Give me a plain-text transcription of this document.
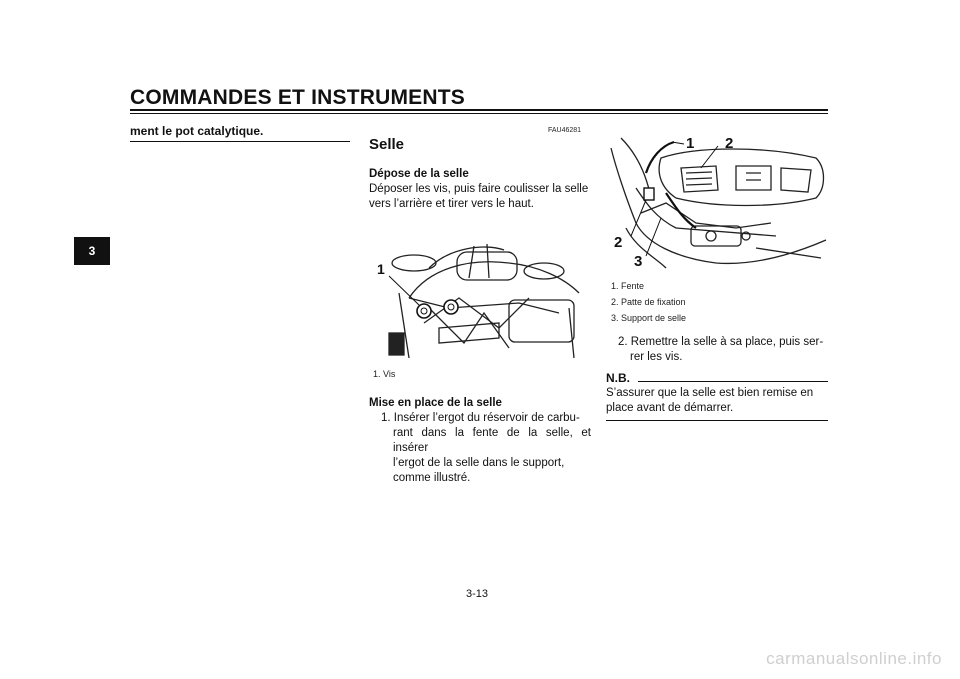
COMMANDES ET INSTRUMENTS
3
ment le pot catalytique.	FAU46281
Selle
Dépose de la selle
Déposer les vis, puis faire coulisser la selle
vers l’arrière et tirer vers le haut.
1
1. Vis
Mise en place de la selle
1. Insérer l’ergot du réservoir de carbu-
rant dans la fente de la selle, et insérer
l’ergot de la selle dans le support,
comme illustré.
1 2
2
3
1. Fente
2. Patte de fixation
3. Support de selle
2. Remettre la selle à sa place, puis ser-
rer les vis.
N.B.
S’assurer que la selle est bien remise en
place avant de démarrer.
3-13
carmanualsonline.info
